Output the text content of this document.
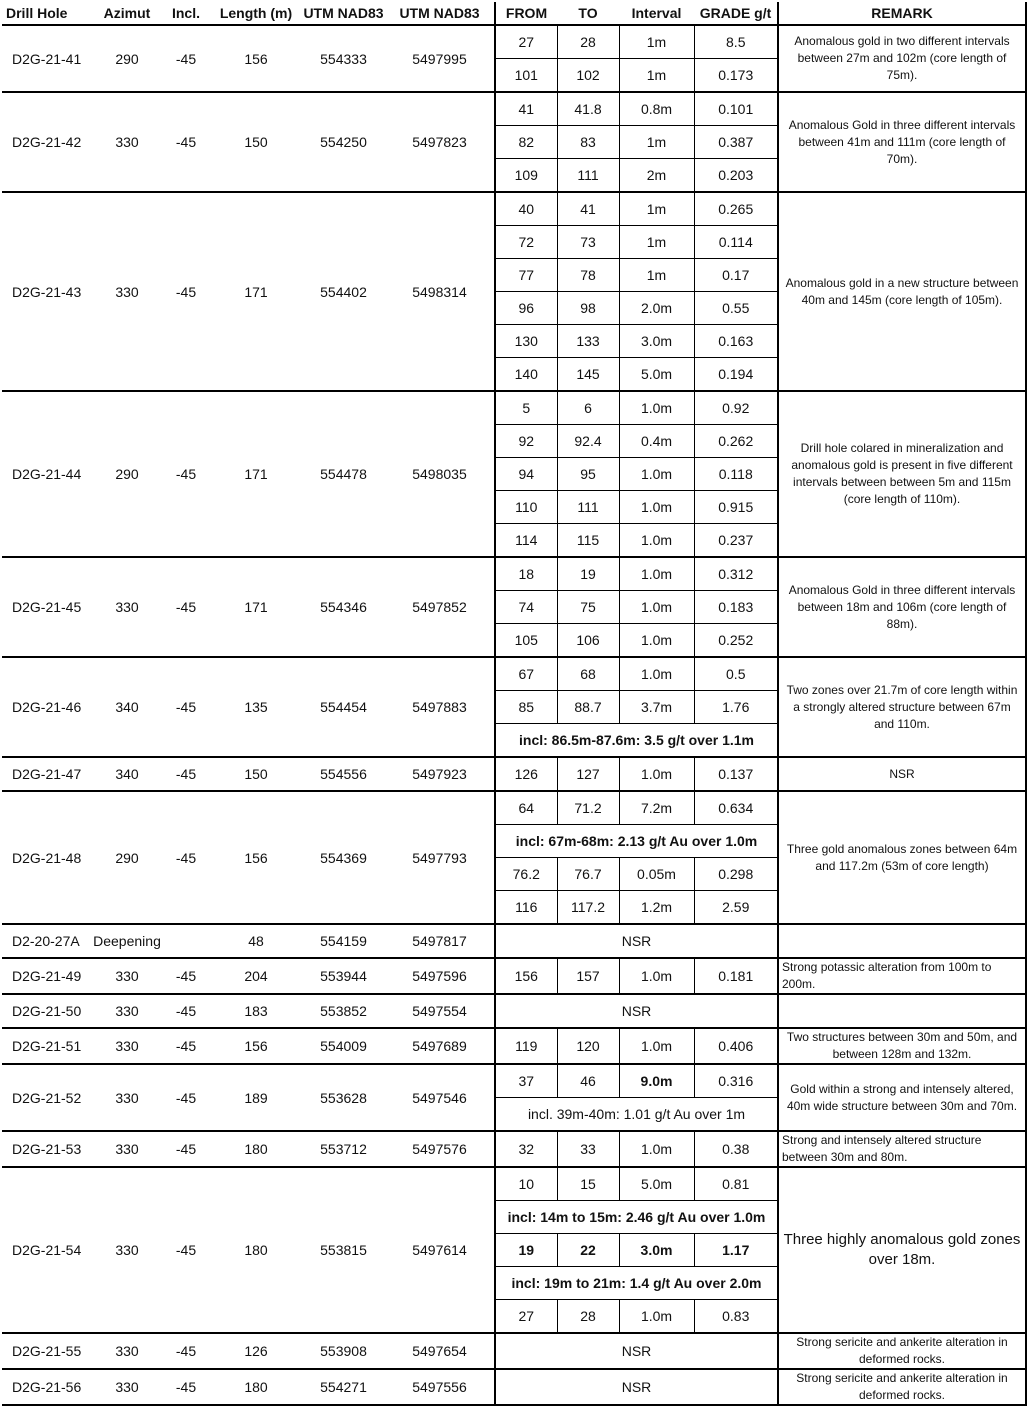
Drill Hole	Azimut	Incl.	Length (m)	UTM NAD83	UTM NAD83	FROM	TO	Interval	GRADE g/t	REMARK
D2G-21-41	290	-45	156	554333	5497995	27	28	1m	8.5	Anomalous gold in two different intervals between 27m and 102m (core length of 75m).
						101	102	1m	0.173	
D2G-21-42	330	-45	150	554250	5497823	41	41.8	0.8m	0.101	Anomalous Gold in three different intervals between 41m and 111m (core length of 70m).
						82	83	1m	0.387	
						109	111	2m	0.203	
D2G-21-43	330	-45	171	554402	5498314	40	41	1m	0.265	Anomalous gold in a new structure between 40m and 145m (core length of 105m).
						72	73	1m	0.114	
						77	78	1m	0.17	
						96	98	2.0m	0.55	
						130	133	3.0m	0.163	
						140	145	5.0m	0.194	
D2G-21-44	290	-45	171	554478	5498035	5	6	1.0m	0.92	Drill hole colared in mineralization and anomalous gold is present in five different intervals between between 5m and 115m (core length of 110m).
						92	92.4	0.4m	0.262	
						94	95	1.0m	0.118	
						110	111	1.0m	0.915	
						114	115	1.0m	0.237	
D2G-21-45	330	-45	171	554346	5497852	18	19	1.0m	0.312	Anomalous Gold in three different intervals between 18m and 106m (core length of 88m).
						74	75	1.0m	0.183	
						105	106	1.0m	0.252	
D2G-21-46	340	-45	135	554454	5497883	67	68	1.0m	0.5	Two zones over 21.7m of core length within a strongly altered structure between 67m and 110m.
						85	88.7	3.7m	1.76	
						incl: 86.5m-87.6m: 3.5 g/t over 1.1m				
D2G-21-47	340	-45	150	554556	5497923	126	127	1.0m	0.137	NSR
D2G-21-48	290	-45	156	554369	5497793	64	71.2	7.2m	0.634	Three gold anomalous zones between 64m and 117.2m (53m of core length)
						incl: 67m-68m: 2.13 g/t Au over 1.0m				
						76.2	76.7	0.05m	0.298	
						116	117.2	1.2m	2.59	
D2-20-27A	Deepening		48	554159	5497817	NSR				
D2G-21-49	330	-45	204	553944	5497596	156	157	1.0m	0.181	Strong potassic alteration from 100m to 200m.
D2G-21-50	330	-45	183	553852	5497554	NSR				
D2G-21-51	330	-45	156	554009	5497689	119	120	1.0m	0.406	Two structures between 30m and 50m, and between 128m and 132m.
D2G-21-52	330	-45	189	553628	5497546	37	46	9.0m	0.316	Gold within a strong and intensely altered, 40m wide structure between 30m and 70m.
						incl. 39m-40m: 1.01 g/t Au over 1m				
D2G-21-53	330	-45	180	553712	5497576	32	33	1.0m	0.38	Strong and intensely altered structure between 30m and 80m.
D2G-21-54	330	-45	180	553815	5497614	10	15	5.0m	0.81	Three highly anomalous gold zones over 18m.
						incl: 14m to 15m: 2.46 g/t Au over 1.0m				
						19	22	3.0m	1.17	
						incl: 19m to 21m: 1.4 g/t Au over 2.0m				
						27	28	1.0m	0.83	
D2G-21-55	330	-45	126	553908	5497654	NSR				Strong sericite and ankerite alteration in deformed rocks.
D2G-21-56	330	-45	180	554271	5497556	NSR				Strong sericite and ankerite alteration in deformed rocks.
